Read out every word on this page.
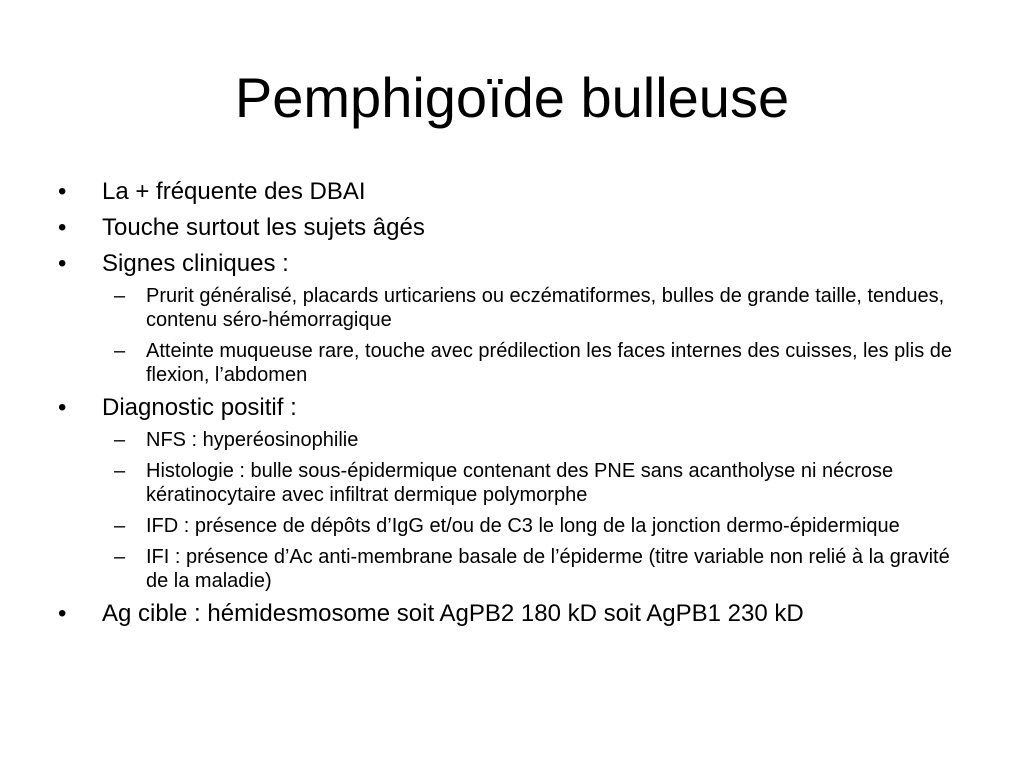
Pemphigoïde bulleuse
• La + fréquente des DBAI
• Touche surtout les sujets âgés
• Signes cliniques :
– Prurit généralisé, placards urticariens ou eczématiformes, bulles de grande taille, tendues, contenu séro-hémorragique
– Atteinte muqueuse rare, touche avec prédilection les faces internes des cuisses, les plis de flexion, l’abdomen
• Diagnostic positif :
– NFS : hyperéosinophilie
– Histologie : bulle sous-épidermique contenant des PNE sans acantholyse ni nécrose kératinocytaire avec infiltrat dermique polymorphe
– IFD : présence de dépôts d’IgG et/ou de C3 le long de la jonction dermo-épidermique
– IFI : présence d’Ac anti-membrane basale de l’épiderme (titre variable non relié à la gravité de la maladie)
• Ag cible : hémidesmosome soit AgPB2 180 kD soit AgPB1 230 kD
